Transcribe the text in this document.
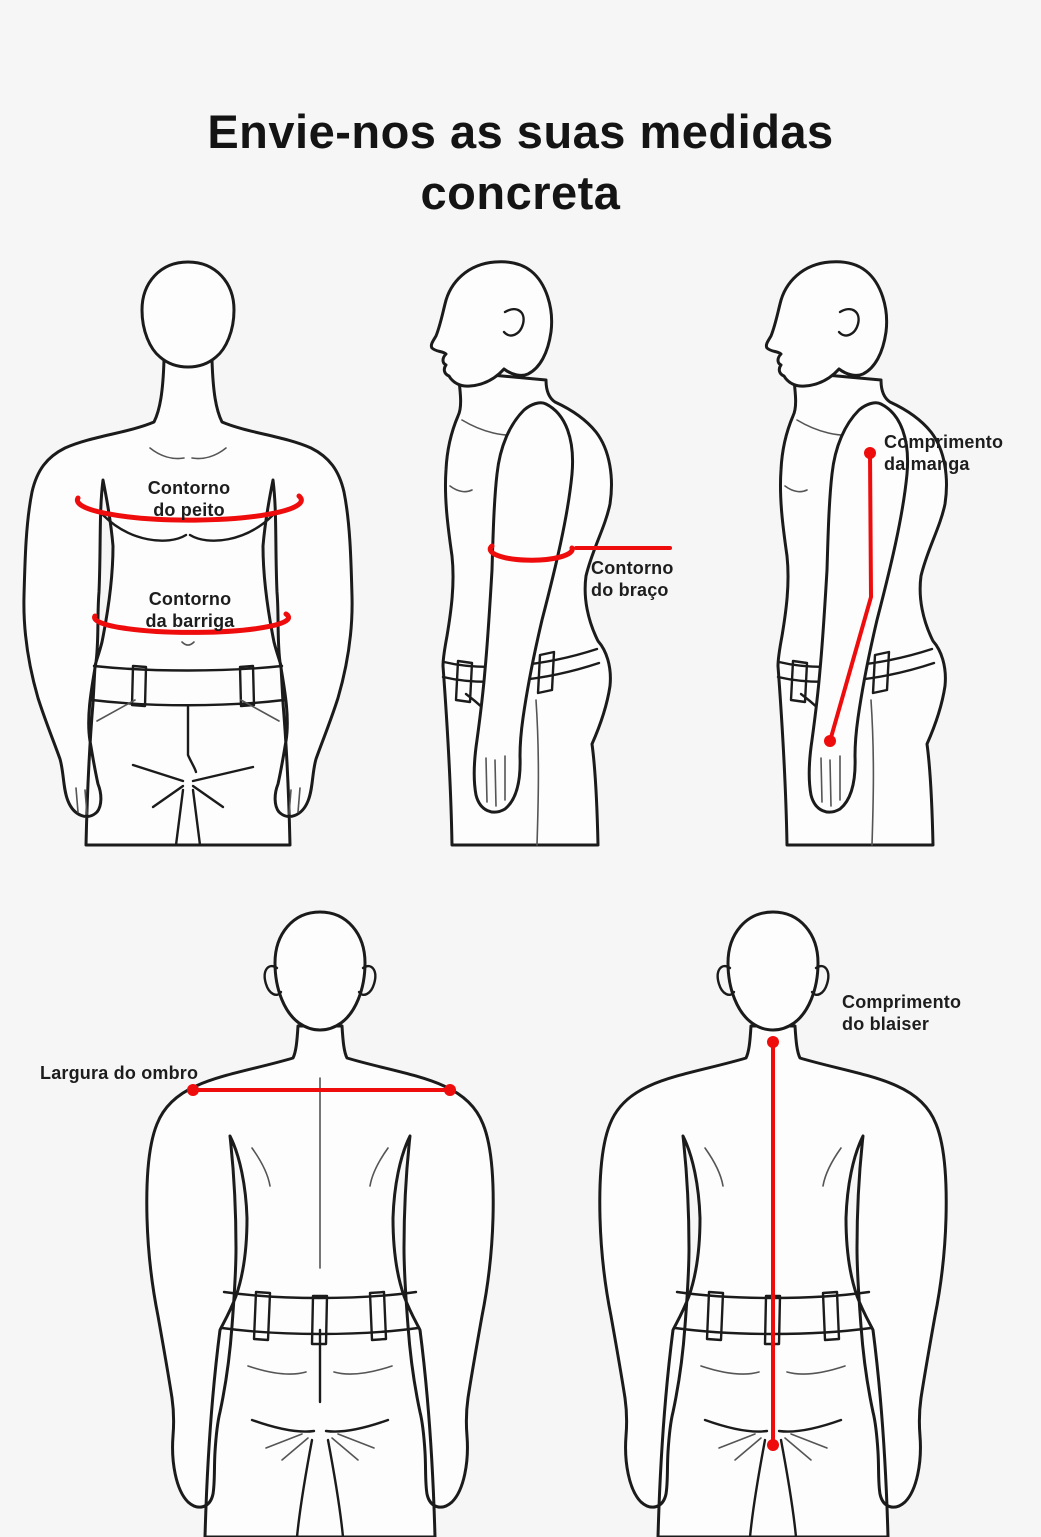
Envie-nos as suas medidas
concreta
Contorno
do peito
Contorno
da barriga
Contorno
do braço
Comprimento
da manga
Largura do ombro
Comprimento
do blaiser
